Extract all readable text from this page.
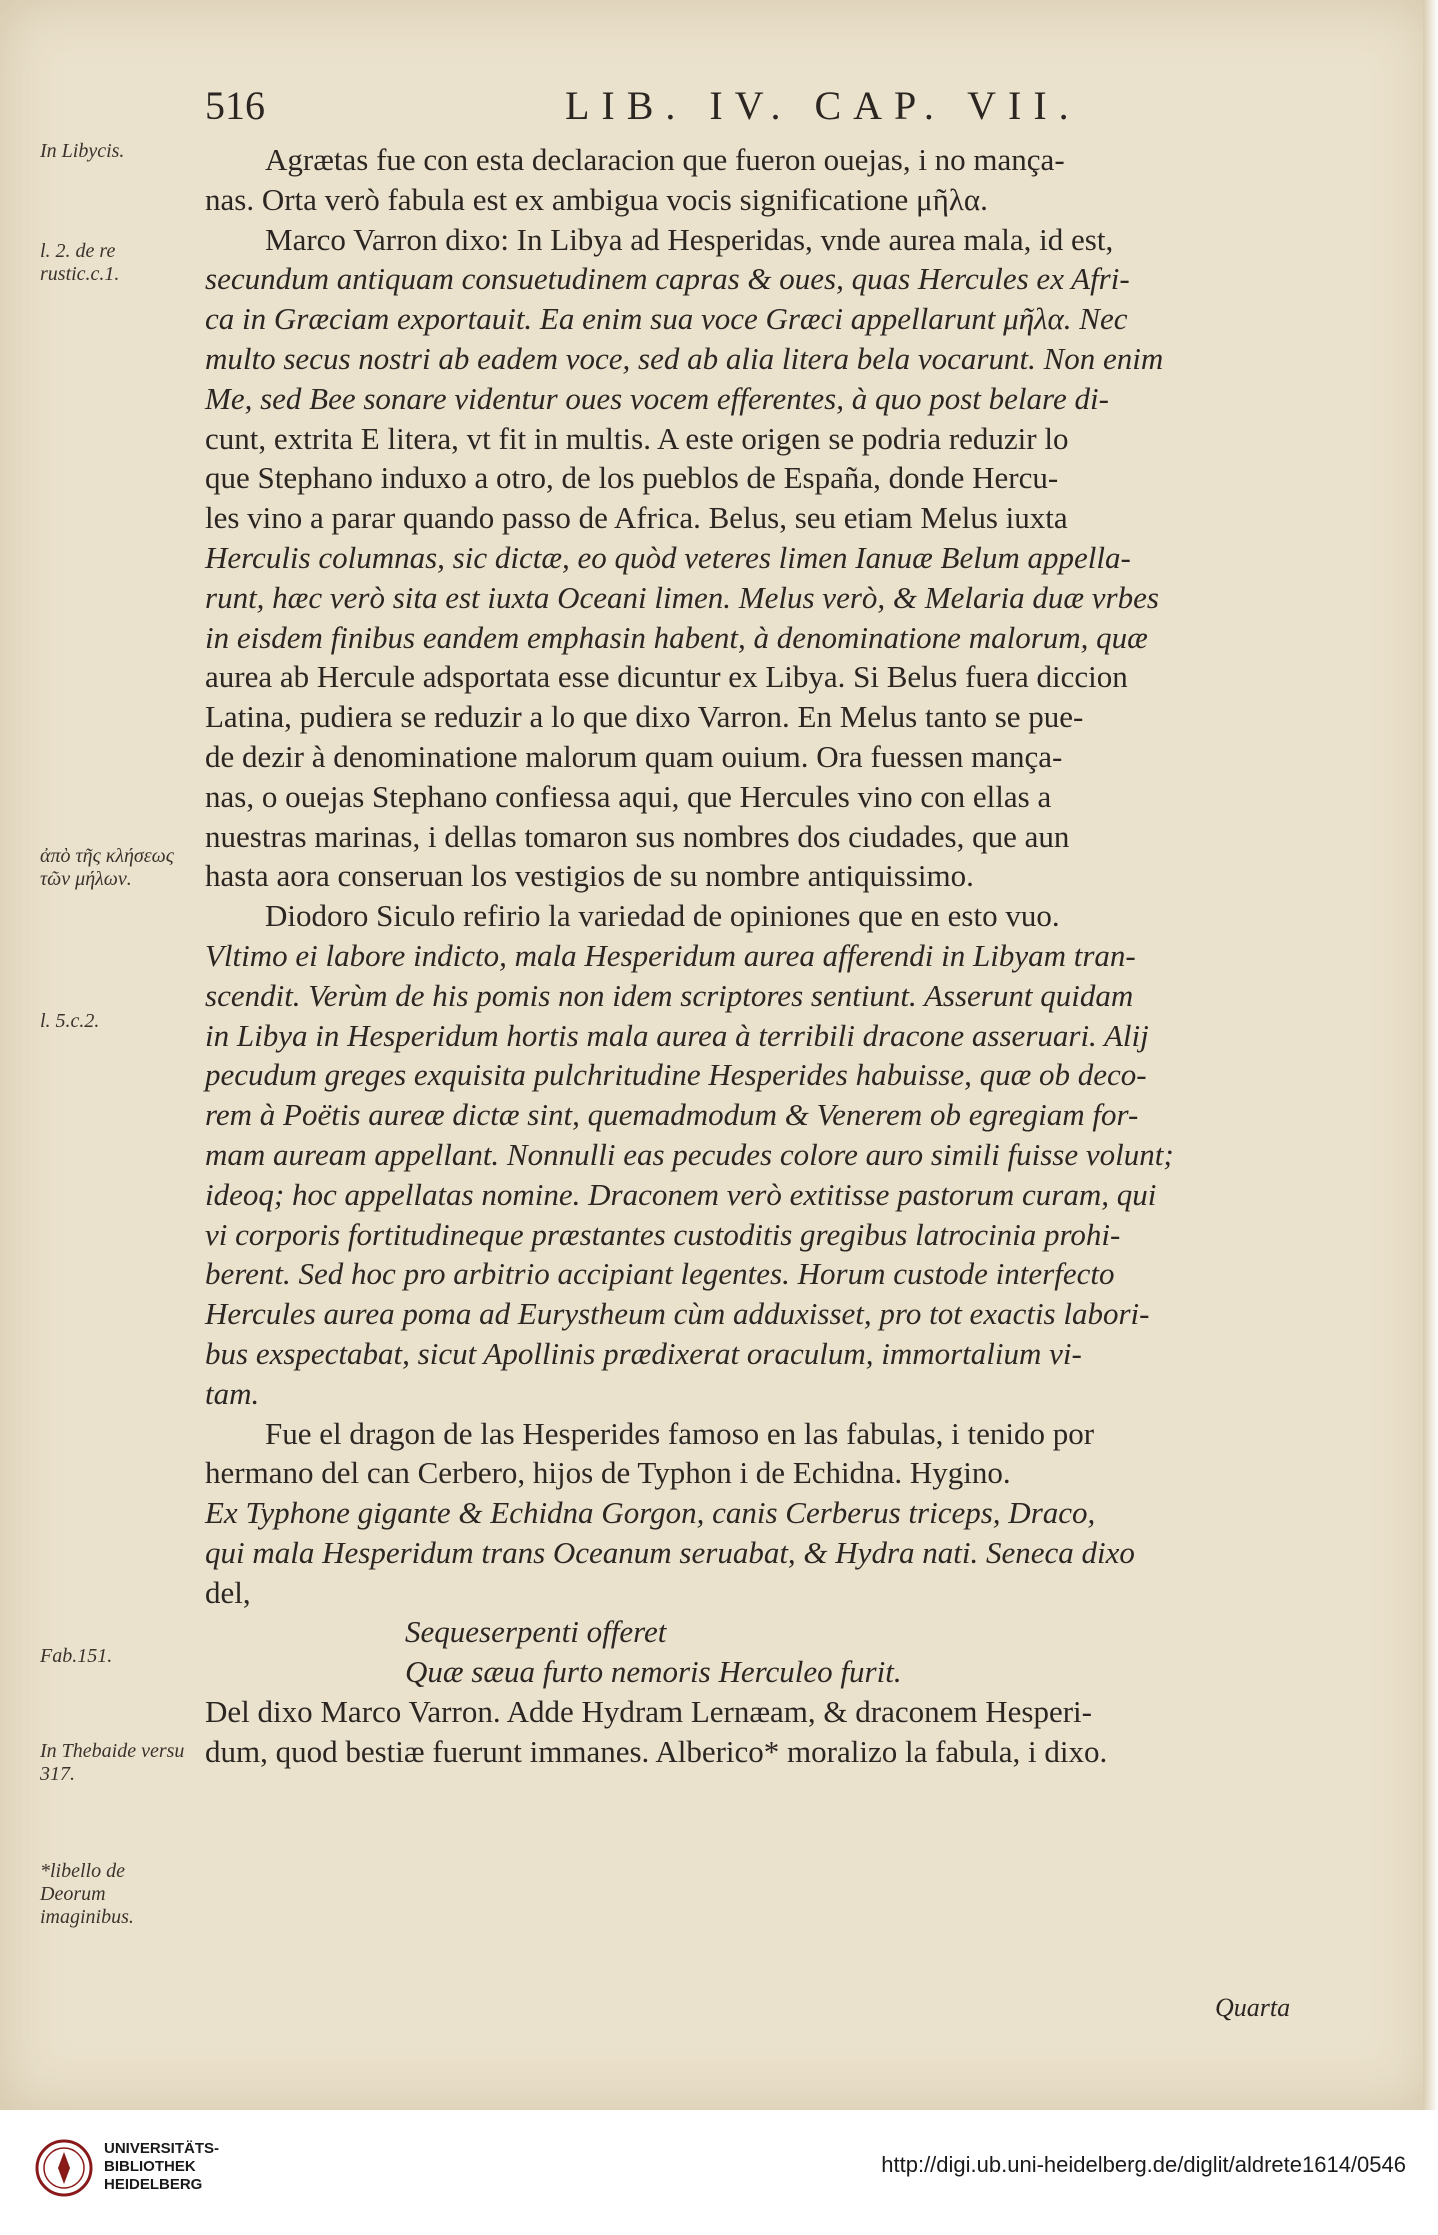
516	LIB. IV. CAP. VII.
In Libycis.
l. 2. de re rustic.c.1.
ἀπὸ τῆς κλήσεως τῶν μήλων.
l. 5.c.2.
Fab.151.
In Thebaide versu 317.
*libello de Deorum imaginibus.
Agrætas fue con esta declaracion que fueron ouejas, i no mança-
nas. Orta verò fabula est ex ambigua vocis significatione μῆλα.
Marco Varron dixo: In Libya ad Hesperidas, vnde aurea mala, id est,
secundum antiquam consuetudinem capras & oues, quas Hercules ex Afri-
ca in Græciam exportauit. Ea enim sua voce Græci appellarunt μῆλα. Nec
multo secus nostri ab eadem voce, sed ab alia litera bela vocarunt. Non enim
Me, sed Bee sonare videntur oues vocem efferentes, à quo post belare di-
cunt, extrita E litera, vt fit in multis. A este origen se podria reduzir lo
que Stephano induxo a otro, de los pueblos de España, donde Hercu-
les vino a parar quando passo de Africa. Belus, seu etiam Melus iuxta
Herculis columnas, sic dictæ, eo quòd veteres limen Ianuæ Belum appella-
runt, hæc verò sita est iuxta Oceani limen. Melus verò, & Melaria duæ vrbes
in eisdem finibus eandem emphasin habent, à denominatione malorum, quæ
aurea ab Hercule adsportata esse dicuntur ex Libya. Si Belus fuera diccion
Latina, pudiera se reduzir a lo que dixo Varron. En Melus tanto se pue-
de dezir à denominatione malorum quam ouium. Ora fuessen mança-
nas, o ouejas Stephano confiessa aqui, que Hercules vino con ellas a
nuestras marinas, i dellas tomaron sus nombres dos ciudades, que aun
hasta aora conseruan los vestigios de su nombre antiquissimo.
Diodoro Siculo refirio la variedad de opiniones que en esto vuo.
Vltimo ei labore indicto, mala Hesperidum aurea afferendi in Libyam tran-
scendit. Verùm de his pomis non idem scriptores sentiunt. Asserunt quidam
in Libya in Hesperidum hortis mala aurea à terribili dracone asseruari. Alij
pecudum greges exquisita pulchritudine Hesperides habuisse, quæ ob deco-
rem à Poëtis aureæ dictæ sint, quemadmodum & Venerem ob egregiam for-
mam auream appellant. Nonnulli eas pecudes colore auro simili fuisse volunt;
ideoq; hoc appellatas nomine. Draconem verò extitisse pastorum curam, qui
vi corporis fortitudineque præstantes custoditis gregibus latrocinia prohi-
berent. Sed hoc pro arbitrio accipiant legentes. Horum custode interfecto
Hercules aurea poma ad Eurystheum cùm adduxisset, pro tot exactis labori-
bus exspectabat, sicut Apollinis prædixerat oraculum, immortalium vi-
tam.
Fue el dragon de las Hesperides famoso en las fabulas, i tenido por
hermano del can Cerbero, hijos de Typhon i de Echidna. Hygino.
Ex Typhone gigante & Echidna Gorgon, canis Cerberus triceps, Draco,
qui mala Hesperidum trans Oceanum seruabat, & Hydra nati. Seneca dixo
del,
Sequeserpenti offeret
Quæ sæua furto nemoris Herculeo furit.
Del dixo Marco Varron. Adde Hydram Lernæam, & draconem Hesperi-
dum, quod bestiæ fuerunt immanes. Alberico* moralizo la fabula, i dixo.
Quarta
UNIVERSITÄTS-
BIBLIOTHEK
HEIDELBERG
http://digi.ub.uni-heidelberg.de/diglit/aldrete1614/0546
